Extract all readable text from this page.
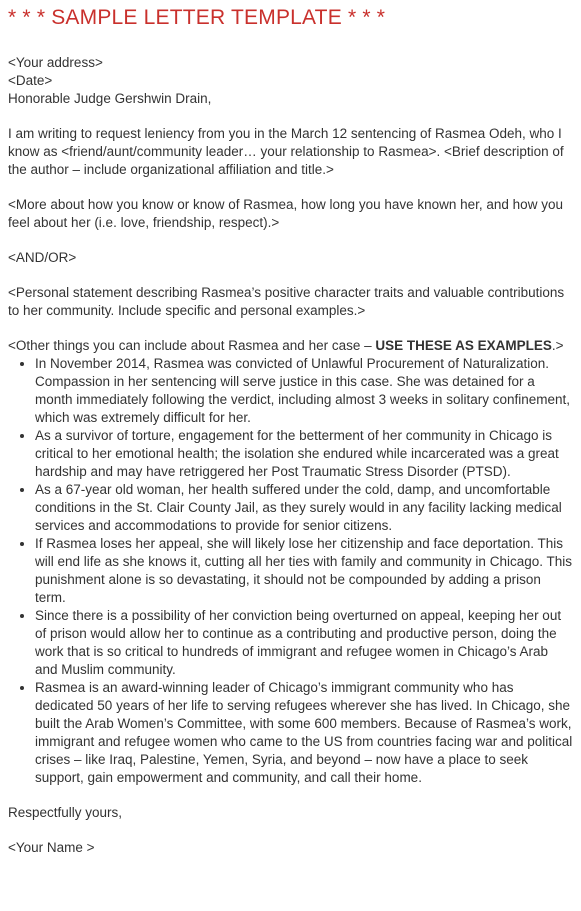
* * * SAMPLE LETTER TEMPLATE * * *

<Your address>

<Date>

Honorable Judge Gershwin Drain,

I am writing to request leniency from you in the March 12 sentencing of Rasmea Odeh, who I know as <friend/aunt/community leader… your relationship to Rasmea>. <Brief description of the author – include organizational affiliation and title.>

<More about how you know or know of Rasmea, how long you have known her, and how you feel about her (i.e. love, friendship, respect).>

<AND/OR>

<Personal statement describing Rasmea’s positive character traits and valuable contributions to her community. Include specific and personal examples.>

<Other things you can include about Rasmea and her case – USE THESE AS EXAMPLES.>

• In November 2014, Rasmea was convicted of Unlawful Procurement of Naturalization. Compassion in her sentencing will serve justice in this case. She was detained for a month immediately following the verdict, including almost 3 weeks in solitary confinement, which was extremely difficult for her.
• As a survivor of torture, engagement for the betterment of her community in Chicago is critical to her emotional health; the isolation she endured while incarcerated was a great hardship and may have retriggered her Post Traumatic Stress Disorder (PTSD).
• As a 67-year old woman, her health suffered under the cold, damp, and uncomfortable conditions in the St. Clair County Jail, as they surely would in any facility lacking medical services and accommodations to provide for senior citizens.
• If Rasmea loses her appeal, she will likely lose her citizenship and face deportation. This will end life as she knows it, cutting all her ties with family and community in Chicago. This punishment alone is so devastating, it should not be compounded by adding a prison term.
• Since there is a possibility of her conviction being overturned on appeal, keeping her out of prison would allow her to continue as a contributing and productive person, doing the work that is so critical to hundreds of immigrant and refugee women in Chicago’s Arab and Muslim community.
• Rasmea is an award-winning leader of Chicago’s immigrant community who has dedicated 50 years of her life to serving refugees wherever she has lived. In Chicago, she built the Arab Women’s Committee, with some 600 members. Because of Rasmea’s work, immigrant and refugee women who came to the US from countries facing war and political crises – like Iraq, Palestine, Yemen, Syria, and beyond – now have a place to seek support, gain empowerment and community, and call their home.

Respectfully yours,

<Your Name >
